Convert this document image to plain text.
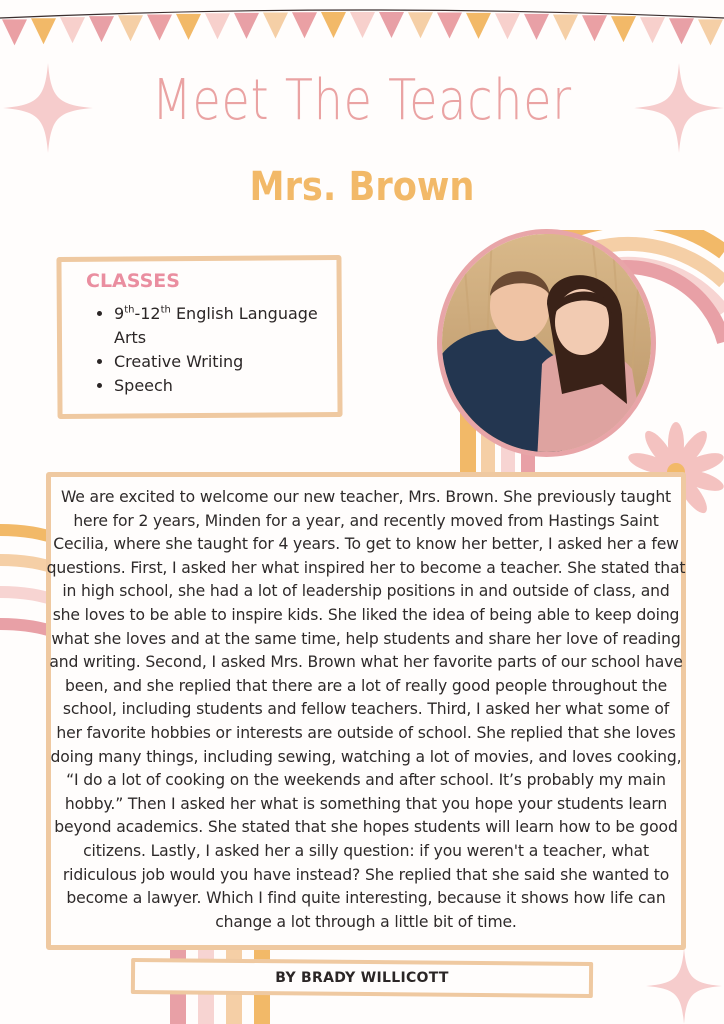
Meet The Teacher
Mrs. Brown
CLASSES
• 9th-12th English Language Arts
• Creative Writing
• Speech
We are excited to welcome our new teacher, Mrs. Brown. She previously taught
here for 2 years, Minden for a year, and recently moved from Hastings Saint
Cecilia, where she taught for 4 years. To get to know her better, I asked her a few
questions. First, I asked her what inspired her to become a teacher. She stated that
in high school, she had a lot of leadership positions in and outside of class, and
she loves to be able to inspire kids. She liked the idea of being able to keep doing
what she loves and at the same time, help students and share her love of reading
and writing. Second, I asked Mrs. Brown what her favorite parts of our school have
been, and she replied that there are a lot of really good people throughout the
school, including students and fellow teachers. Third, I asked her what some of
her favorite hobbies or interests are outside of school. She replied that she loves
doing many things, including sewing, watching a lot of movies, and loves cooking,
“I do a lot of cooking on the weekends and after school. It’s probably my main
hobby.” Then I asked her what is something that you hope your students learn
beyond academics. She stated that she hopes students will learn how to be good
citizens. Lastly, I asked her a silly question: if you weren't a teacher, what
ridiculous job would you have instead? She replied that she said she wanted to
become a lawyer. Which I find quite interesting, because it shows how life can
change a lot through a little bit of time.
BY BRADY WILLICOTT
